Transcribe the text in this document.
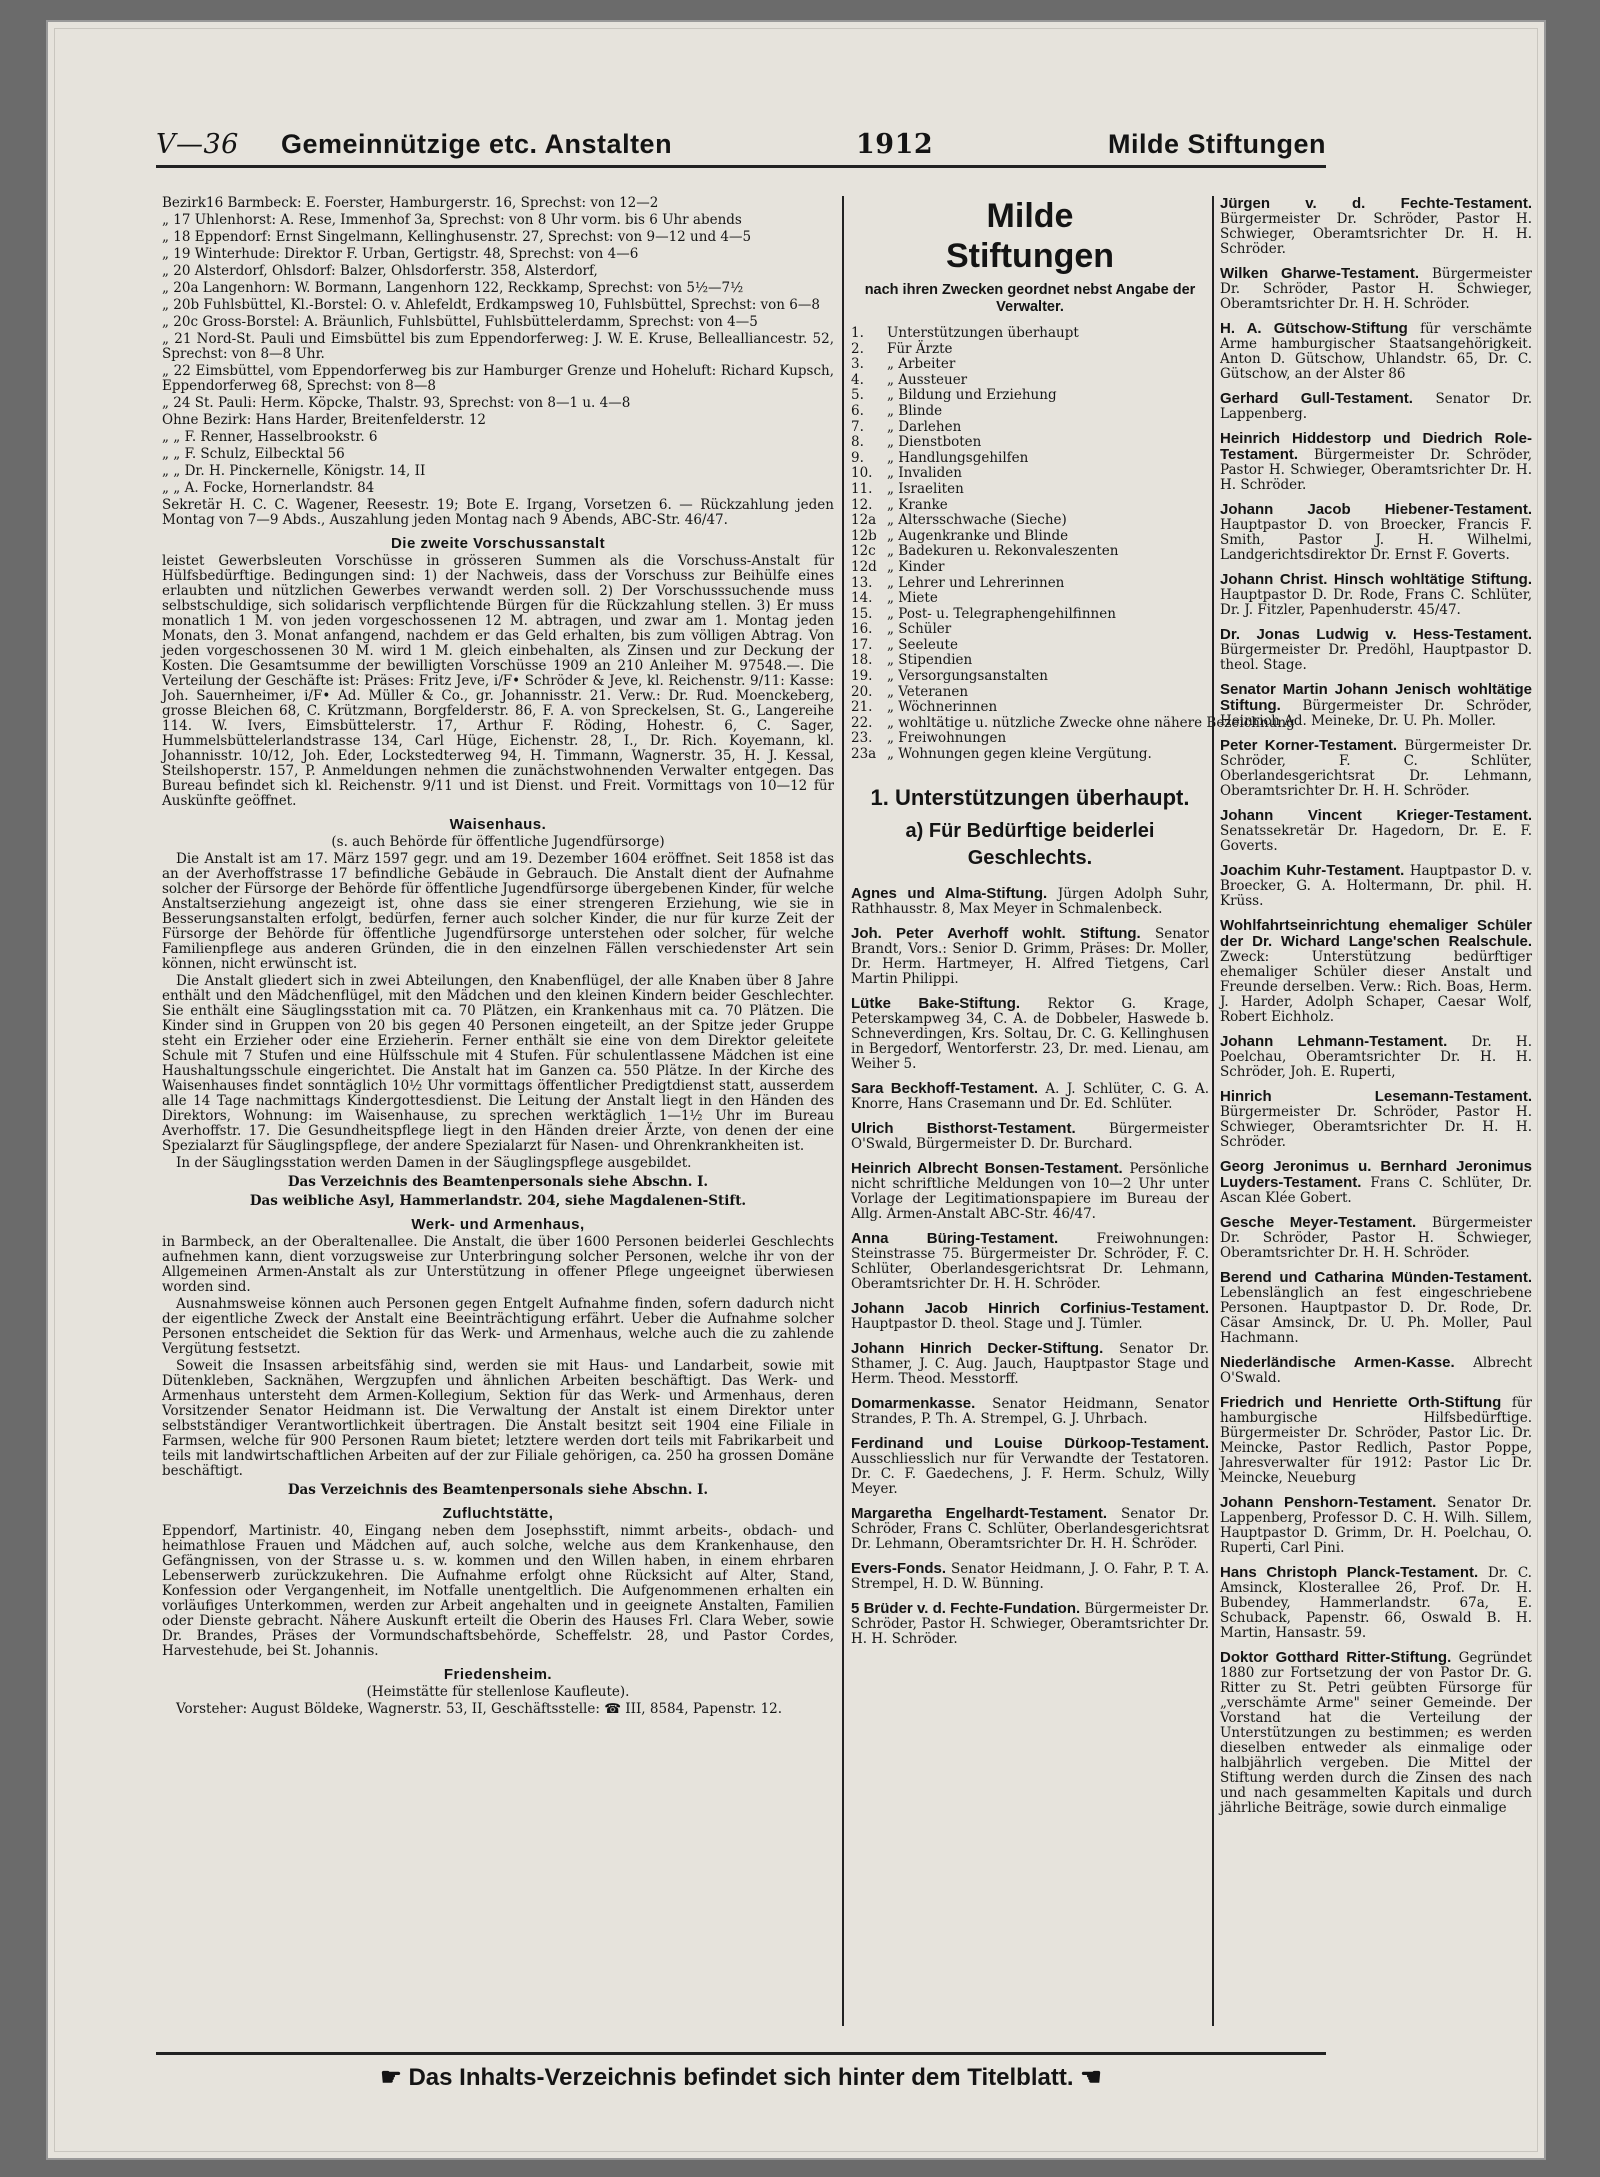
V—36 Gemeinnützige etc. Anstalten	1912	Milde Stiftungen
Bezirk16 Barmbeck: E. Foerster, Hamburgerstr. 16, Sprechst: von 12—2
„ 17 Uhlenhorst: A. Rese, Immenhof 3a, Sprechst: von 8 Uhr vorm. bis 6 Uhr abends
„ 18 Eppendorf: Ernst Singelmann, Kellinghusenstr. 27, Sprechst: von 9—12 und 4—5
„ 19 Winterhude: Direktor F. Urban, Gertigstr. 48, Sprechst: von 4—6
„ 20 Alsterdorf, Ohlsdorf: Balzer, Ohlsdorferstr. 358, Alsterdorf,
„ 20a Langenhorn: W. Bormann, Langenhorn 122, Reckkamp, Sprechst: von 5½—7½
„ 20b Fuhlsbüttel, Kl.-Borstel: O. v. Ahlefeldt, Erdkampsweg 10, Fuhlsbüttel, Sprechst: von 6—8
„ 20c Gross-Borstel: A. Bräunlich, Fuhlsbüttel, Fuhlsbüttelerdamm, Sprechst: von 4—5
„ 21 Nord-St. Pauli und Eimsbüttel bis zum Eppendorferweg: J. W. E. Kruse, Bellealliancestr. 52, Sprechst: von 8—8 Uhr.
„ 22 Eimsbüttel, vom Eppendorferweg bis zur Hamburger Grenze und Hoheluft: Richard Kupsch, Eppendorferweg 68, Sprechst: von 8—8
„ 24 St. Pauli: Herm. Köpcke, Thalstr. 93, Sprechst: von 8—1 u. 4—8
Ohne Bezirk: Hans Harder, Breitenfelderstr. 12
„ „ F. Renner, Hasselbrookstr. 6
„ „ F. Schulz, Eilbecktal 56
„ „ Dr. H. Pinckernelle, Königstr. 14, II
„ „ A. Focke, Hornerlandstr. 84
Sekretär H. C. C. Wagener, Reesestr. 19; Bote E. Irgang, Vorsetzen 6. — Rückzahlung jeden Montag von 7—9 Abds., Auszahlung jeden Montag nach 9 Abends, ABC-Str. 46/47.
Die zweite Vorschussanstalt

leistet Gewerbsleuten Vorschüsse in grösseren Summen als die Vorschuss-Anstalt für Hülfsbedürftige. Bedingungen sind: 1) der Nachweis, dass der Vorschuss zur Beihülfe eines erlaubten und nützlichen Gewerbes verwandt werden soll. 2) Der Vorschusssuchende muss selbstschuldige, sich solidarisch verpflichtende Bürgen für die Rückzahlung stellen. 3) Er muss monatlich 1 M. von jeden vorgeschossenen 12 M. abtragen, und zwar am 1. Montag jeden Monats, den 3. Monat anfangend, nachdem er das Geld erhalten, bis zum völligen Abtrag. Von jeden vorgeschossenen 30 M. wird 1 M. gleich einbehalten, als Zinsen und zur Deckung der Kosten. Die Gesamtsumme der bewilligten Vorschüsse 1909 an 210 Anleiher M. 97548.—. Die Verteilung der Geschäfte ist: Präses: Fritz Jeve, i/F• Schröder & Jeve, kl. Reichenstr. 9/11: Kasse: Joh. Sauernheimer, i/F• Ad. Müller & Co., gr. Johannisstr. 21. Verw.: Dr. Rud. Moenckeberg, grosse Bleichen 68, C. Krützmann, Borgfelderstr. 86, F. A. von Spreckelsen, St. G., Langereihe 114. W. Ivers, Eimsbüttelerstr. 17, Arthur F. Röding, Hohestr. 6, C. Sager, Hummelsbüttelerlandstrasse 134, Carl Hüge, Eichenstr. 28, I., Dr. Rich. Koyemann, kl. Johannisstr. 10/12, Joh. Eder, Lockstedterweg 94, H. Timmann, Wagnerstr. 35, H. J. Kessal, Steilshoperstr. 157, P. Anmeldungen nehmen die zunächstwohnenden Verwalter entgegen. Das Bureau befindet sich kl. Reichenstr. 9/11 und ist Dienst. und Freit. Vormittags von 10—12 für Auskünfte geöffnet.

Waisenhaus.
(s. auch Behörde für öffentliche Jugendfürsorge)

Die Anstalt ist am 17. März 1597 gegr. und am 19. Dezember 1604 eröffnet. Seit 1858 ist das an der Averhoffstrasse 17 befindliche Gebäude in Gebrauch. Die Anstalt dient der Aufnahme solcher der Fürsorge der Behörde für öffentliche Jugendfürsorge übergebenen Kinder, für welche Anstaltserziehung angezeigt ist, ohne dass sie einer strengeren Erziehung, wie sie in Besserungsanstalten erfolgt, bedürfen, ferner auch solcher Kinder, die nur für kurze Zeit der Fürsorge der Behörde für öffentliche Jugendfürsorge unterstehen oder solcher, für welche Familienpflege aus anderen Gründen, die in den einzelnen Fällen verschiedenster Art sein können, nicht erwünscht ist.

Die Anstalt gliedert sich in zwei Abteilungen, den Knabenflügel, der alle Knaben über 8 Jahre enthält und den Mädchenflügel, mit den Mädchen und den kleinen Kindern beider Geschlechter. Sie enthält eine Säuglingsstation mit ca. 70 Plätzen, ein Krankenhaus mit ca. 70 Plätzen. Die Kinder sind in Gruppen von 20 bis gegen 40 Personen eingeteilt, an der Spitze jeder Gruppe steht ein Erzieher oder eine Erzieherin. Ferner enthält sie eine von dem Direktor geleitete Schule mit 7 Stufen und eine Hülfsschule mit 4 Stufen. Für schulentlassene Mädchen ist eine Haushaltungsschule eingerichtet. Die Anstalt hat im Ganzen ca. 550 Plätze. In der Kirche des Waisenhauses findet sonntäglich 10½ Uhr vormittags öffentlicher Predigtdienst statt, ausserdem alle 14 Tage nachmittags Kindergottesdienst. Die Leitung der Anstalt liegt in den Händen des Direktors, Wohnung: im Waisenhause, zu sprechen werktäglich 1—1½ Uhr im Bureau Averhoffstr. 17. Die Gesundheitspflege liegt in den Händen dreier Ärzte, von denen der eine Spezialarzt für Säuglingspflege, der andere Spezialarzt für Nasen- und Ohrenkrankheiten ist.

In der Säuglingsstation werden Damen in der Säuglingspflege ausgebildet.

Das Verzeichnis des Beamtenpersonals siehe Abschn. I.
Das weibliche Asyl, Hammerlandstr. 204, siehe Magdalenen-Stift.
Werk- und Armenhaus,

in Barmbeck, an der Oberaltenallee. Die Anstalt, die über 1600 Personen beiderlei Geschlechts aufnehmen kann, dient vorzugsweise zur Unterbringung solcher Personen, welche ihr von der Allgemeinen Armen-Anstalt als zur Unterstützung in offener Pflege ungeeignet überwiesen worden sind.

Ausnahmsweise können auch Personen gegen Entgelt Aufnahme finden, sofern dadurch nicht der eigentliche Zweck der Anstalt eine Beeinträchtigung erfährt. Ueber die Aufnahme solcher Personen entscheidet die Sektion für das Werk- und Armenhaus, welche auch die zu zahlende Vergütung festsetzt.

Soweit die Insassen arbeitsfähig sind, werden sie mit Haus- und Landarbeit, sowie mit Dütenkleben, Sacknähen, Wergzupfen und ähnlichen Arbeiten beschäftigt. Das Werk- und Armenhaus untersteht dem Armen-Kollegium, Sektion für das Werk- und Armenhaus, deren Vorsitzender Senator Heidmann ist. Die Verwaltung der Anstalt ist einem Direktor unter selbstständiger Verantwortlichkeit übertragen. Die Anstalt besitzt seit 1904 eine Filiale in Farmsen, welche für 900 Personen Raum bietet; letztere werden dort teils mit Fabrikarbeit und teils mit landwirtschaftlichen Arbeiten auf der zur Filiale gehörigen, ca. 250 ha grossen Domäne beschäftigt.

Das Verzeichnis des Beamtenpersonals siehe Abschn. I.
Zufluchtstätte,

Eppendorf, Martinistr. 40, Eingang neben dem Josephsstift, nimmt arbeits-, obdach- und heimathlose Frauen und Mädchen auf, auch solche, welche aus dem Krankenhause, den Gefängnissen, von der Strasse u. s. w. kommen und den Willen haben, in einem ehrbaren Lebenserwerb zurückzukehren. Die Aufnahme erfolgt ohne Rücksicht auf Alter, Stand, Konfession oder Vergangenheit, im Notfalle unentgeltlich. Die Aufgenommenen erhalten ein vorläufiges Unterkommen, werden zur Arbeit angehalten und in geeignete Anstalten, Familien oder Dienste gebracht. Nähere Auskunft erteilt die Oberin des Hauses Frl. Clara Weber, sowie Dr. Brandes, Präses der Vormundschaftsbehörde, Scheffelstr. 28, und Pastor Cordes, Harvestehude, bei St. Johannis.

Friedensheim.
(Heimstätte für stellenlose Kaufleute).

Vorsteher: August Böldeke, Wagnerstr. 53, II, Geschäftsstelle: ☎ III, 8584, Papenstr. 12.

Milde
Stiftungen
nach ihren Zwecken geordnet nebst Angabe der Verwalter.
1.	Unterstützungen überhaupt
2.	Für Ärzte
3.	„ Arbeiter
4.	„ Aussteuer
5.	„ Bildung und Erziehung
6.	„ Blinde
7.	„ Darlehen
8.	„ Dienstboten
9.	„ Handlungsgehilfen
10.	„ Invaliden
11.	„ Israeliten
12.	„ Kranke
12a „ Altersschwache (Sieche)
12b „ Augenkranke und Blinde
12c „ Badekuren u. Rekonvaleszenten
12d „ Kinder
13.	„ Lehrer und Lehrerinnen
14.	„ Miete
15.	„ Post- u. Telegraphengehilfinnen
16.	„ Schüler
17.	„ Seeleute
18.	„ Stipendien
19.	„ Versorgungsanstalten
20.	„ Veteranen
21.	„ Wöchnerinnen
22.	„ wohltätige u. nützliche Zwecke ohne nähere Bezeichnung
23.	„ Freiwohnungen
23a „ Wohnungen gegen kleine Vergütung.
1. Unterstützungen überhaupt.
a) Für Bedürftige beiderlei Geschlechts.
Agnes und Alma-Stiftung. Jürgen Adolph Suhr, Rathhausstr. 8, Max Meyer in Schmalenbeck.
Joh. Peter Averhoff wohlt. Stiftung. Senator Brandt, Vors.: Senior D. Grimm, Präses: Dr. Moller, Dr. Herm. Hartmeyer, H. Alfred Tietgens, Carl Martin Philippi.
Lütke Bake-Stiftung. Rektor G. Krage, Peterskampweg 34, C. A. de Dobbeler, Haswede b. Schneverdingen, Krs. Soltau, Dr. C. G. Kellinghusen in Bergedorf, Wentorferstr. 23, Dr. med. Lienau, am Weiher 5.
Sara Beckhoff-Testament. A. J. Schlüter, C. G. A. Knorre, Hans Crasemann und Dr. Ed. Schlüter.
Ulrich Bisthorst-Testament. Bürgermeister O'Swald, Bürgermeister D. Dr. Burchard.
Heinrich Albrecht Bonsen-Testament. Persönliche nicht schriftliche Meldungen von 10—2 Uhr unter Vorlage der Legitimationspapiere im Bureau der Allg. Armen-Anstalt ABC-Str. 46/47.
Anna Büring-Testament.	Freiwohnungen: Steinstrasse 75. Bürgermeister Dr. Schröder, F. C. Schlüter, Oberlandesgerichtsrat Dr. Lehmann, Oberamtsrichter Dr. H. H. Schröder.
Johann Jacob Hinrich Corfinius-Testament. Hauptpastor D. theol. Stage und J. Tümler.
Johann Hinrich Decker-Stiftung. Senator Dr. Sthamer, J. C. Aug. Jauch, Hauptpastor Stage und Herm. Theod. Messtorff.
Domarmenkasse. Senator Heidmann, Senator Strandes, P. Th. A. Strempel, G. J. Uhrbach.
Ferdinand und Louise Dürkoop-Testament. Ausschliesslich nur für Verwandte der Testatoren. Dr. C. F. Gaedechens, J. F. Herm. Schulz, Willy Meyer.
Margaretha Engelhardt-Testament. Senator Dr. Schröder, Frans C. Schlüter, Oberlandesgerichtsrat Dr. Lehmann, Oberamtsrichter Dr. H. H. Schröder.
Evers-Fonds. Senator Heidmann, J. O. Fahr, P. T. A. Strempel, H. D. W. Bünning.
5 Brüder v. d. Fechte-Fundation. Bürgermeister Dr. Schröder, Pastor H. Schwieger, Oberamtsrichter Dr. H. H. Schröder.
Jürgen v. d. Fechte-Testament. Bürgermeister Dr. Schröder, Pastor H. Schwieger, Oberamtsrichter Dr. H. H. Schröder.
Wilken Gharwe-Testament. Bürgermeister Dr. Schröder, Pastor H. Schwieger, Oberamtsrichter Dr. H. H. Schröder.
H. A. Gütschow-Stiftung für verschämte Arme hamburgischer Staatsangehörigkeit. Anton D. Gütschow, Uhlandstr. 65, Dr. C. Gütschow, an der Alster 86
Gerhard Gull-Testament. Senator Dr. Lappenberg.
Heinrich Hiddestorp und Diedrich Role-Testament. Bürgermeister Dr. Schröder, Pastor H. Schwieger, Oberamtsrichter Dr. H. H. Schröder.
Johann Jacob Hiebener-Testament. Hauptpastor D. von Broecker, Francis F. Smith, Pastor J. H. Wilhelmi, Landgerichtsdirektor Dr. Ernst F. Goverts.
Johann Christ. Hinsch wohltätige Stiftung. Hauptpastor D. Dr. Rode, Frans C. Schlüter, Dr. J. Fitzler, Papenhuderstr. 45/47.
Dr. Jonas Ludwig v. Hess-Testament. Bürgermeister Dr. Predöhl, Hauptpastor D. theol. Stage.
Senator Martin Johann Jenisch wohltätige Stiftung. Bürgermeister Dr. Schröder, Heinrich Ad. Meineke, Dr. U. Ph. Moller.
Peter Korner-Testament. Bürgermeister Dr. Schröder, F. C. Schlüter, Oberlandesgerichtsrat Dr. Lehmann, Oberamtsrichter Dr. H. H. Schröder.
Johann Vincent Krieger-Testament. Senatssekretär Dr. Hagedorn, Dr. E. F. Goverts.
Joachim Kuhr-Testament. Hauptpastor D. v. Broecker, G. A. Holtermann, Dr. phil. H. Krüss.
Wohlfahrtseinrichtung ehemaliger Schüler der Dr. Wichard Lange'schen Realschule. Zweck: Unterstützung bedürftiger ehemaliger Schüler dieser Anstalt und Freunde derselben. Verw.: Rich. Boas, Herm. J. Harder, Adolph Schaper, Caesar Wolf, Robert Eichholz.
Johann Lehmann-Testament. Dr. H. Poelchau, Oberamtsrichter Dr. H. H. Schröder, Joh. E. Ruperti,
Hinrich Lesemann-Testament. Bürgermeister Dr. Schröder, Pastor H. Schwieger, Oberamtsrichter Dr. H. H. Schröder.
Georg Jeronimus u. Bernhard Jeronimus Luyders-Testament. Frans C. Schlüter, Dr. Ascan Klée Gobert.
Gesche Meyer-Testament. Bürgermeister Dr. Schröder, Pastor H. Schwieger, Oberamtsrichter Dr. H. H. Schröder.
Berend und Catharina Münden-Testament. Lebenslänglich an fest eingeschriebene Personen. Hauptpastor D. Dr. Rode, Dr. Cäsar Amsinck, Dr. U. Ph. Moller, Paul Hachmann.
Niederländische Armen-Kasse. Albrecht O'Swald.
Friedrich und Henriette Orth-Stiftung für hamburgische Hilfsbedürftige. Bürgermeister Dr. Schröder, Pastor Lic. Dr. Meincke, Pastor Redlich, Pastor Poppe, Jahresverwalter für 1912: Pastor Lic Dr. Meincke, Neueburg
Johann Penshorn-Testament. Senator Dr. Lappenberg, Professor D. C. H. Wilh. Sillem, Hauptpastor D. Grimm, Dr. H. Poelchau, O. Ruperti, Carl Pini.
Hans Christoph Planck-Testament. Dr. C. Amsinck, Klosterallee 26, Prof. Dr. H. Bubendey, Hammerlandstr. 67a, E. Schuback, Papenstr. 66, Oswald B. H. Martin, Hansastr. 59.
Doktor Gotthard Ritter-Stiftung. Gegründet 1880 zur Fortsetzung der von Pastor Dr. G. Ritter zu St. Petri geübten Fürsorge für „verschämte Arme" seiner Gemeinde. Der Vorstand hat die Verteilung der Unterstützungen zu bestimmen; es werden dieselben entweder als einmalige oder halbjährlich vergeben. Die Mittel der Stiftung werden durch die Zinsen des nach und nach gesammelten Kapitals und durch jährliche Beiträge, sowie durch einmalige
☛ Das Inhalts-Verzeichnis befindet sich hinter dem Titelblatt. ☚
